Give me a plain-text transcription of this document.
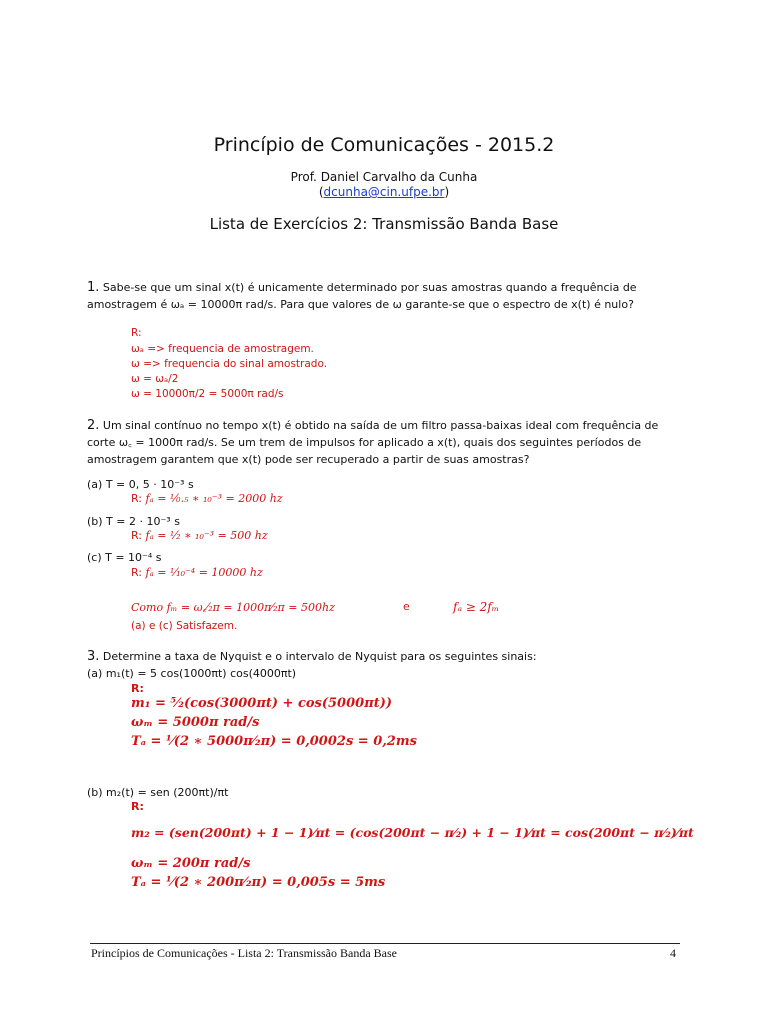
Princípio de Comunicações - 2015.2
Prof. Daniel Carvalho da Cunha
(dcunha@cin.ufpe.br)
Lista de Exercícios 2: Transmissão Banda Base
1. Sabe-se que um sinal x(t) é unicamente determinado por suas amostras quando a frequência de
amostragem é ωₐ = 10000π rad/s. Para que valores de ω garante-se que o espectro de x(t) é nulo?
R:
ωₐ => frequencia de amostragem.
ω => frequencia do sinal amostrado.
ω = ωₐ/2
ω = 10000π/2 = 5000π rad/s
2. Um sinal contínuo no tempo x(t) é obtido na saída de um filtro passa-baixas ideal com frequência de
corte ω꜀ = 1000π rad/s. Se um trem de impulsos for aplicado a x(t), quais dos seguintes períodos de
amostragem garantem que x(t) pode ser recuperado a partir de suas amostras?
(a) T = 0, 5 · 10⁻³ s
R: fₐ = ¹⁄₀.₅ ∗ ₁₀⁻³ = 2000 hz
(b) T = 2 · 10⁻³ s
R: fₐ = ¹⁄₂ ∗ ₁₀⁻³ = 500 hz
(c) T = 10⁻⁴ s
R: fₐ = ¹⁄₁₀⁻⁴ = 10000 hz
Como fₘ = ω꜀⁄₂π = 1000π⁄₂π = 500hz	e	fₐ ≥ 2fₘ
(a) e (c) Satisfazem.
3. Determine a taxa de Nyquist e o intervalo de Nyquist para os seguintes sinais:
(a) m₁(t) = 5 cos(1000πt) cos(4000πt)
R:
m₁ = ⁵⁄₂(cos(3000πt) + cos(5000πt))
ωₘ = 5000π rad/s
Tₐ = ¹⁄(2 ∗ 5000π⁄₂π) = 0,0002s = 0,2ms
(b) m₂(t) = sen (200πt)/πt
R:
m₂ = (sen(200πt) + 1 − 1)⁄πt = (cos(200πt − π⁄₂) + 1 − 1)⁄πt = cos(200πt − π⁄₂)⁄πt
ωₘ = 200π rad/s
Tₐ = ¹⁄(2 ∗ 200π⁄₂π) = 0,005s = 5ms
Princípios de Comunicações - Lista 2: Transmissão Banda Base	4
